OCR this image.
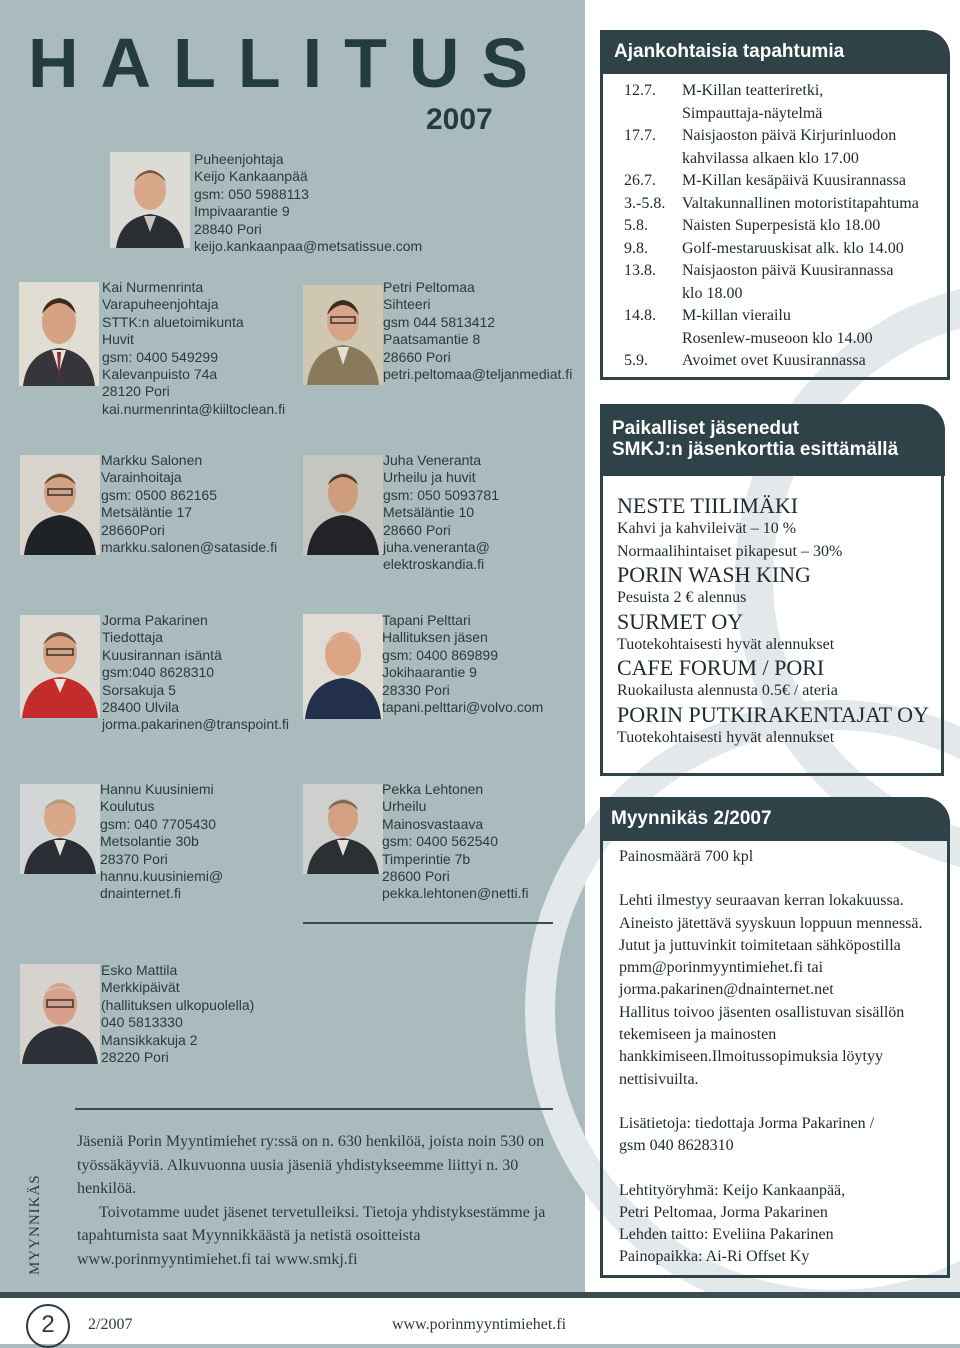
HALLITUS
2007
Puheenjohtaja
Keijo Kankaanpää
gsm: 050 5988113
Impivaarantie 9
28840 Pori
keijo.kankaanpaa@metsatissue.com
Kai Nurmenrinta
Varapuheenjohtaja
STTK:n aluetoimikunta
Huvit
gsm: 0400 549299
Kalevanpuisto 74a
28120 Pori
kai.nurmenrinta@kiiltoclean.fi
Petri Peltomaa
Sihteeri
gsm 044 5813412
Paatsamantie 8
28660 Pori
petri.peltomaa@teljanmediat.fi
Markku Salonen
Varainhoitaja
gsm: 0500 862165
Metsäläntie 17
28660Pori
markku.salonen@sataside.fi
Juha Veneranta
Urheilu ja huvit
gsm: 050 5093781
Metsäläntie 10
28660 Pori
juha.veneranta@
elektroskandia.fi
Jorma Pakarinen
Tiedottaja
Kuusirannan isäntä
gsm:040 8628310
Sorsakuja 5
28400 Ulvila
jorma.pakarinen@transpoint.fi
Tapani Pelttari
Hallituksen jäsen
gsm: 0400 869899
Jokihaarantie 9
28330 Pori
tapani.pelttari@volvo.com
Hannu Kuusiniemi
Koulutus
gsm: 040 7705430
Metsolantie 30b
28370 Pori
hannu.kuusiniemi@
dnainternet.fi
Pekka Lehtonen
Urheilu
Mainosvastaava
gsm: 0400 562540
Timperintie 7b
28600 Pori
pekka.lehtonen@netti.fi
Esko Mattila
Merkkipäivät
(hallituksen ulkopuolella)
040 5813330
Mansikkakuja 2
28220 Pori

Jäseniä Porin Myyntimiehet ry:ssä on n. 630 henkilöä, joista noin 530 on työssäkäyviä. Alkuvuonna uusia jäseniä yhdistykseemme liittyi n. 30 henkilöä.

Toivotamme uudet jäsenet tervetulleiksi. Tietoja yhdistyksestämme ja tapahtumista saat Myynnikkäästä ja netistä osoitteista www.porinmyyntimiehet.fi tai www.smkj.fi

MYYNNIKÄS
Ajankohtaisia tapahtumia
12.7.	M-Killan teatteriretki,
Simpauttaja-näytelmä
17.7.	Naisjaoston päivä Kirjurinluodon
kahvilassa alkaen klo 17.00
26.7.	M-Killan kesäpäivä Kuusirannassa
3.-5.8.	Valtakunnallinen motoristitapahtuma
5.8.	Naisten Superpesistä klo 18.00
9.8.	Golf-mestaruuskisat alk. klo 14.00
13.8.	Naisjaoston päivä Kuusirannassa
klo 18.00
14.8.	M-killan vierailu
Rosenlew-museoon klo 14.00
5.9.	Avoimet ovet Kuusirannassa
Paikalliset jäsenedut
SMKJ:n jäsenkorttia esittämällä
NESTE TIILIMÄKI
Kahvi ja kahvileivät – 10 %
Normaalihintaiset pikapesut – 30%
PORIN WASH KING
Pesuista 2 € alennus
SURMET OY
Tuotekohtaisesti hyvät alennukset
CAFE FORUM / PORI
Ruokailusta alennusta 0.5€ / ateria
PORIN PUTKIRAKENTAJAT OY
Tuotekohtaisesti hyvät alennukset
Myynnikäs 2/2007

Painosmäärä 700 kpl

Lehti ilmestyy seuraavan kerran lokakuussa. Aineisto jätettävä syyskuun loppuun mennessä. Jutut ja juttuvinkit toimitetaan sähköpostilla pmm@porinmyyntimiehet.fi tai jorma.pakarinen@dnainternet.net

Hallitus toivoo jäsenten osallistuvan sisällön tekemiseen ja mainosten hankkimiseen.Ilmoitussopimuksia löytyy nettisivuilta.

Lisätietoja: tiedottaja Jorma Pakarinen /

gsm 040 8628310

Lehtityöryhmä: Keijo Kankaanpää,

Petri Peltomaa, Jorma Pakarinen

Lehden taitto: Eveliina Pakarinen

Painopaikka: Ai-Ri Offset Ky

2	2/2007	www.porinmyyntimiehet.fi
